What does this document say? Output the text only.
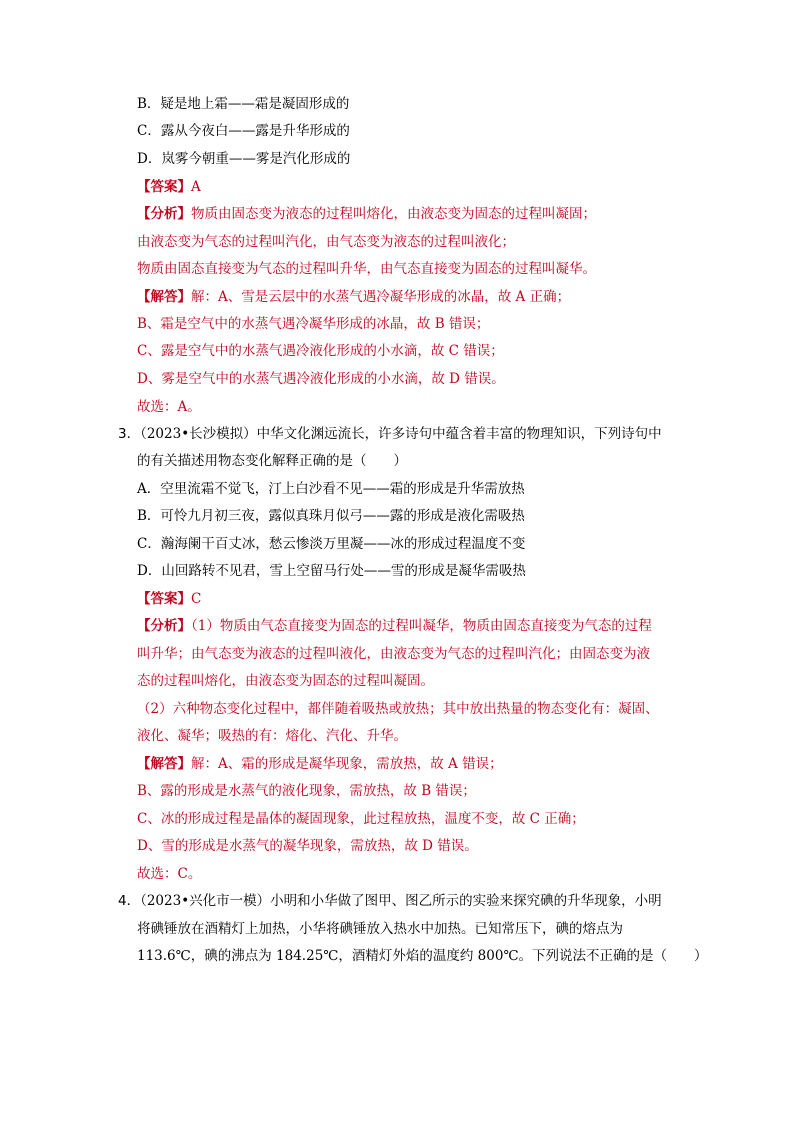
B．疑是地上霜——霜是凝固形成的
C．露从今夜白——露是升华形成的
D．岚雾今朝重——雾是汽化形成的
【答案】A
【分析】物质由固态变为液态的过程叫熔化，由液态变为固态的过程叫凝固；
由液态变为气态的过程叫汽化，由气态变为液态的过程叫液化；
物质由固态直接变为气态的过程叫升华，由气态直接变为固态的过程叫凝华。
【解答】解：A、雪是云层中的水蒸气遇冷凝华形成的冰晶，故 A 正确；
B、霜是空气中的水蒸气遇冷凝华形成的冰晶，故 B 错误；
C、露是空气中的水蒸气遇冷液化形成的小水滴，故 C 错误；
D、雾是空气中的水蒸气遇冷液化形成的小水滴，故 D 错误。
故选：A。
3．（2023•长沙模拟）中华文化渊远流长，许多诗句中蕴含着丰富的物理知识，下列诗句中
的有关描述用物态变化解释正确的是（　　）
A．空里流霜不觉飞，汀上白沙看不见——霜的形成是升华需放热
B．可怜九月初三夜，露似真珠月似弓——露的形成是液化需吸热
C．瀚海阑干百丈冰，愁云惨淡万里凝——冰的形成过程温度不变
D．山回路转不见君，雪上空留马行处——雪的形成是凝华需吸热
【答案】C
【分析】（1）物质由气态直接变为固态的过程叫凝华，物质由固态直接变为气态的过程
叫升华；由气态变为液态的过程叫液化，由液态变为气态的过程叫汽化；由固态变为液
态的过程叫熔化，由液态变为固态的过程叫凝固。
（2）六种物态变化过程中，都伴随着吸热或放热；其中放出热量的物态变化有：凝固、
液化、凝华；吸热的有：熔化、汽化、升华。
【解答】解：A、霜的形成是凝华现象，需放热，故 A 错误；
B、露的形成是水蒸气的液化现象，需放热，故 B 错误；
C、冰的形成过程是晶体的凝固现象，此过程放热，温度不变，故 C 正确；
D、雪的形成是水蒸气的凝华现象，需放热，故 D 错误。
故选：C。
4．（2023•兴化市一模）小明和小华做了图甲、图乙所示的实验来探究碘的升华现象，小明
将碘锤放在酒精灯上加热，小华将碘锤放入热水中加热。已知常压下，碘的熔点为
113.6℃，碘的沸点为 184.25℃，酒精灯外焰的温度约 800℃。下列说法不正确的是（　　）
